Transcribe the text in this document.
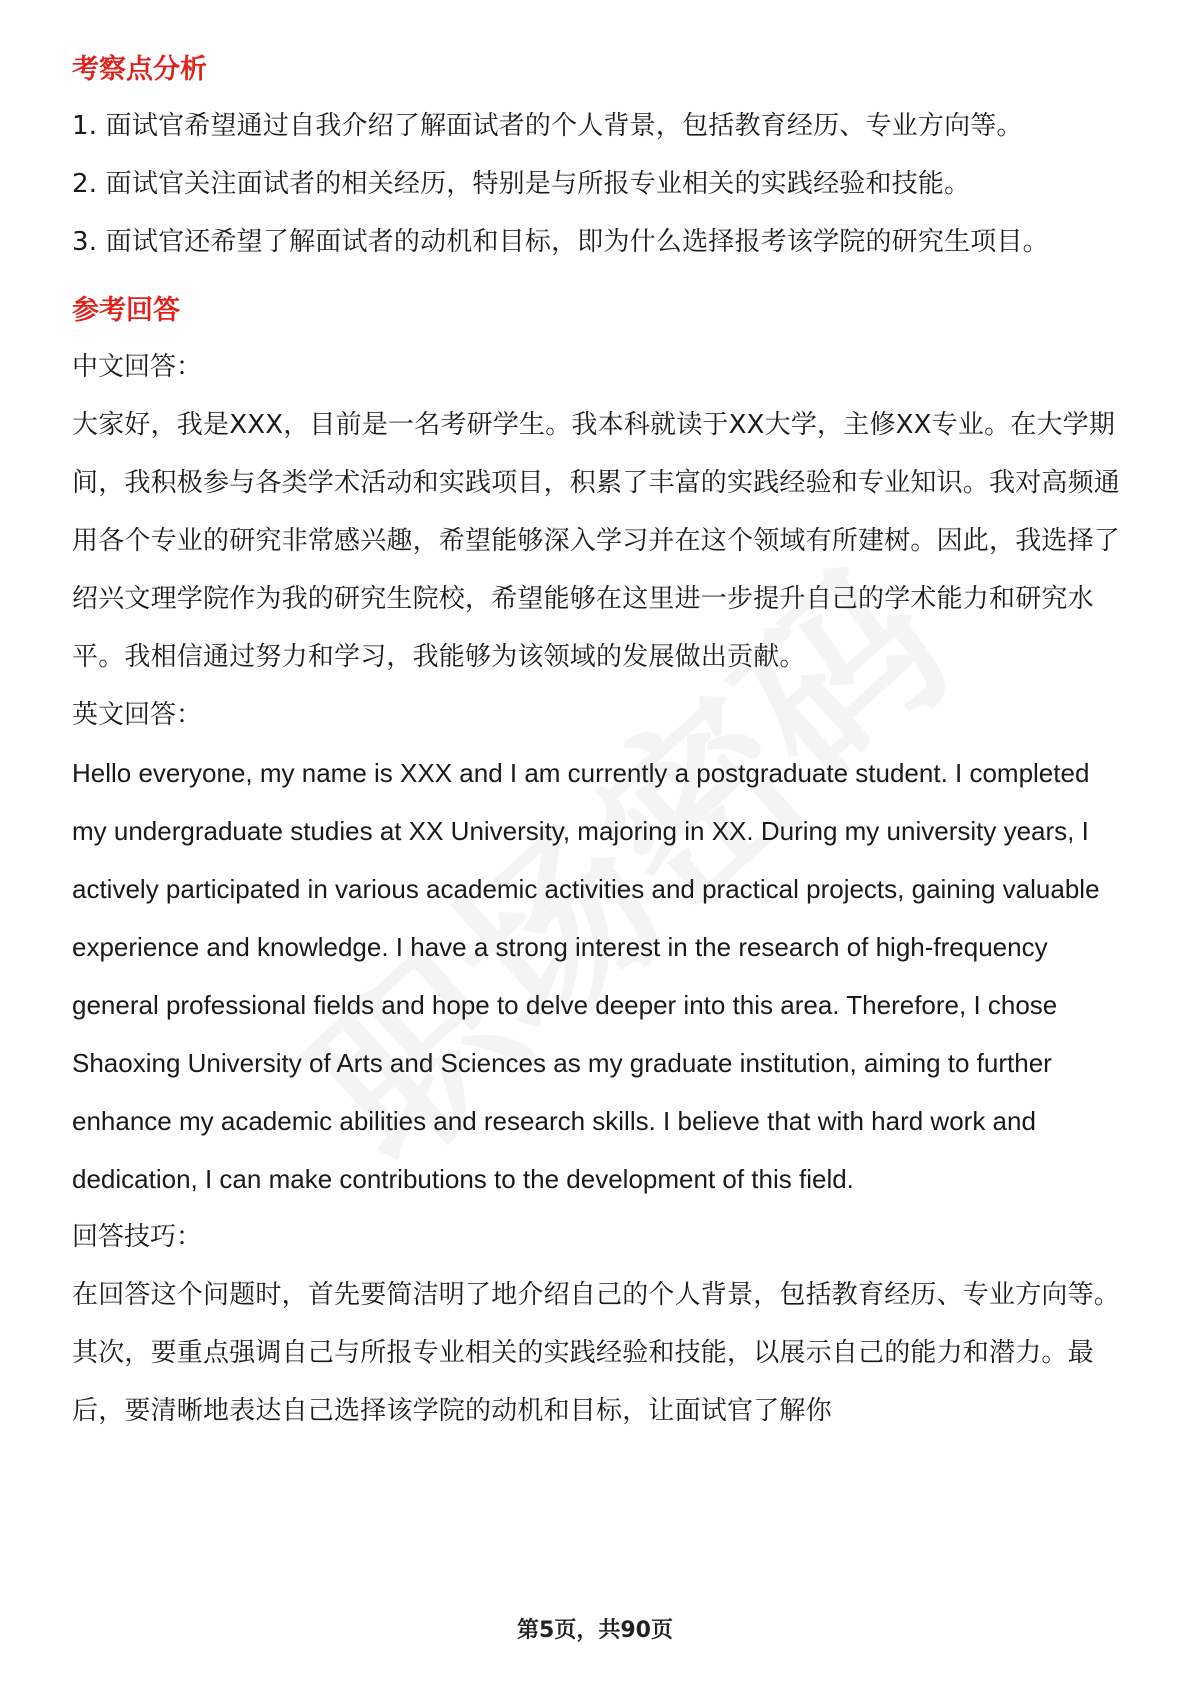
考察点分析

1. 面试官希望通过自我介绍了解面试者的个人背景，包括教育经历、专业方向等。

2. 面试官关注面试者的相关经历，特别是与所报专业相关的实践经验和技能。

3. 面试官还希望了解面试者的动机和目标，即为什么选择报考该学院的研究生项目。

参考回答

中文回答：

大家好，我是XXX，目前是一名考研学生。我本科就读于XX大学，主修XX专业。在大学期间，我积极参与各类学术活动和实践项目，积累了丰富的实践经验和专业知识。我对高频通用各个专业的研究非常感兴趣，希望能够深入学习并在这个领域有所建树。因此，我选择了绍兴文理学院作为我的研究生院校，希望能够在这里进一步提升自己的学术能力和研究水平。我相信通过努力和学习，我能够为该领域的发展做出贡献。

英文回答：

Hello everyone, my name is XXX and I am currently a postgraduate student. I completed my undergraduate studies at XX University, majoring in XX. During my university years, I actively participated in various academic activities and practical projects, gaining valuable experience and knowledge. I have a strong interest in the research of high-frequency general professional fields and hope to delve deeper into this area. Therefore, I chose Shaoxing University of Arts and Sciences as my graduate institution, aiming to further enhance my academic abilities and research skills. I believe that with hard work and dedication, I can make contributions to the development of this field.

回答技巧：

在回答这个问题时，首先要简洁明了地介绍自己的个人背景，包括教育经历、专业方向等。其次，要重点强调自己与所报专业相关的实践经验和技能，以展示自己的能力和潜力。最后，要清晰地表达自己选择该学院的动机和目标，让面试官了解你

第5页，共90页
